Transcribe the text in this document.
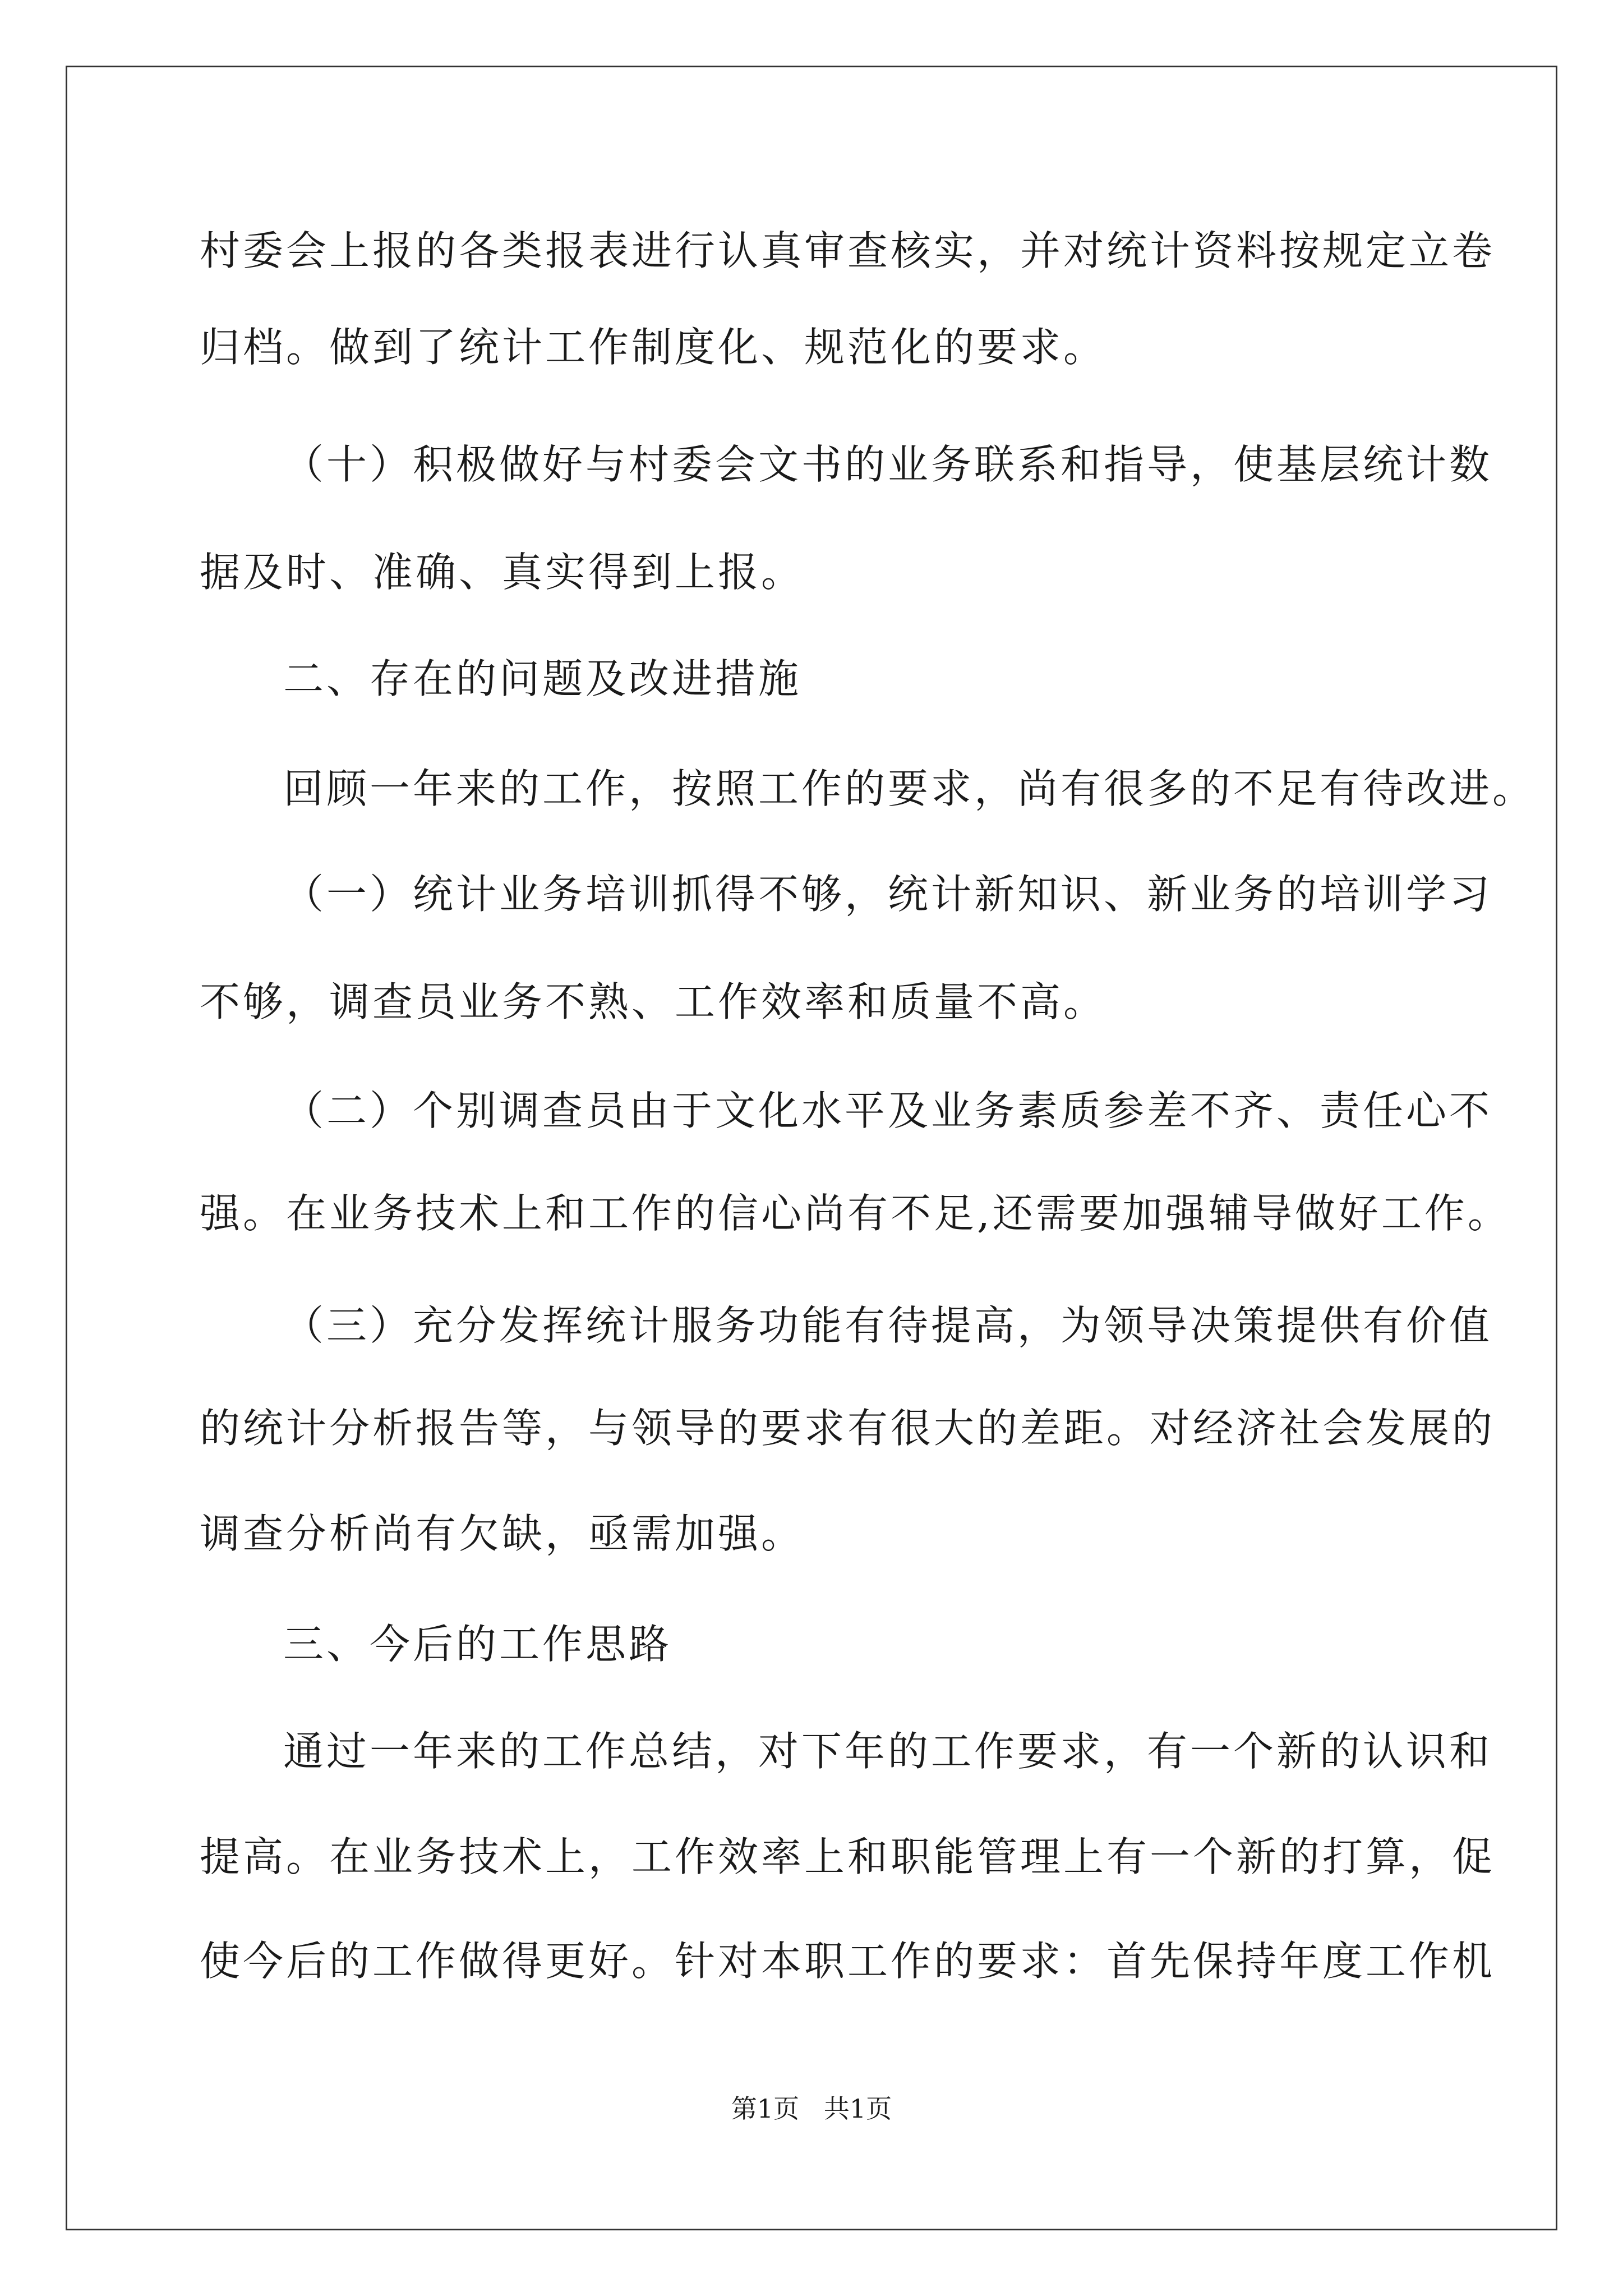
村委会上报的各类报表进行认真审查核实，并对统计资料按规定立卷
归档。做到了统计工作制度化、规范化的要求。
（十）积极做好与村委会文书的业务联系和指导，使基层统计数
据及时、准确、真实得到上报。
二、存在的问题及改进措施
回顾一年来的工作，按照工作的要求，尚有很多的不足有待改进。
（一）统计业务培训抓得不够，统计新知识、新业务的培训学习
不够，调查员业务不熟、工作效率和质量不高。
（二）个别调查员由于文化水平及业务素质参差不齐、责任心不
强。在业务技术上和工作的信心尚有不足,还需要加强辅导做好工作。
（三）充分发挥统计服务功能有待提高，为领导决策提供有价值
的统计分析报告等，与领导的要求有很大的差距。对经济社会发展的
调查分析尚有欠缺，亟需加强。
三、今后的工作思路
通过一年来的工作总结，对下年的工作要求，有一个新的认识和
提高。在业务技术上，工作效率上和职能管理上有一个新的打算，促
使今后的工作做得更好。针对本职工作的要求：首先保持年度工作机
第1页   共1页
